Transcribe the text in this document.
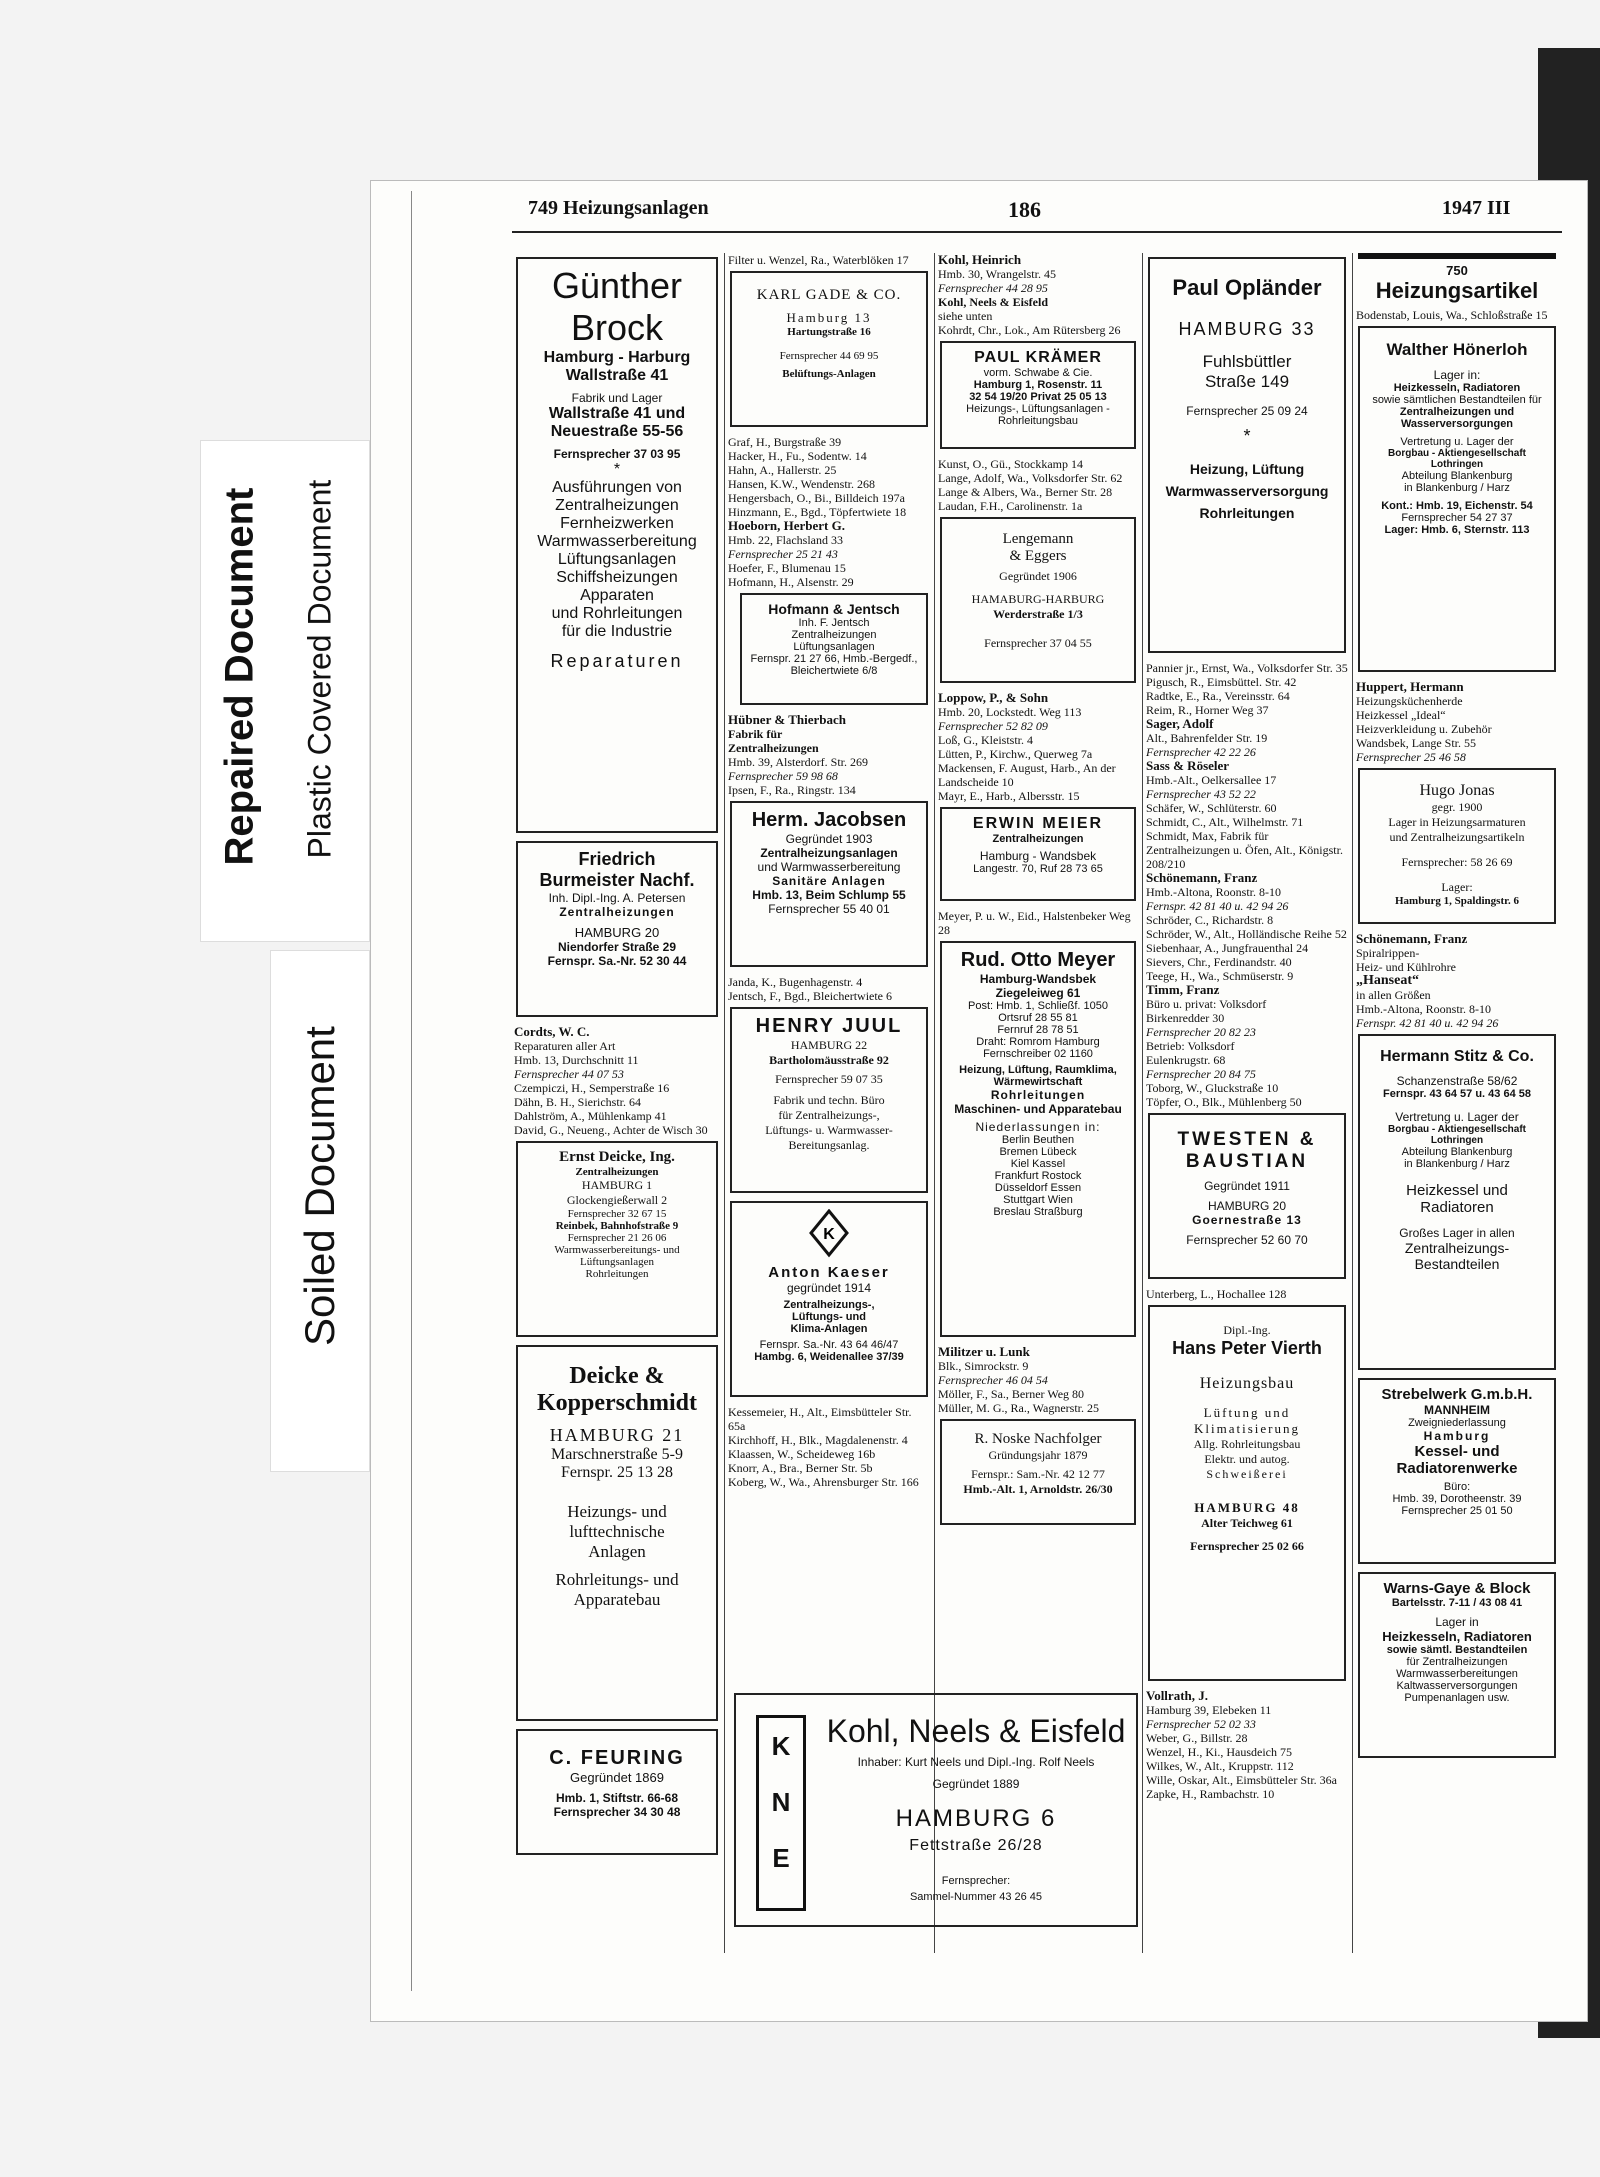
Repaired Document Plastic Covered Document
Soiled Document
749 Heizungsanlagen	186	1947 III
Günther
Brock
Hamburg - Harburg
Wallstraße 41
Fabrik und Lager
Wallstraße 41 und
Neuestraße 55-56
Fernsprecher 37 03 95
*
Ausführungen von
Zentralheizungen
Fernheizwerken
Warmwasserbereitung
Lüftungsanlagen
Schiffsheizungen
Apparaten
und Rohrleitungen
für die Industrie
Reparaturen
Friedrich
Burmeister Nachf.
Inh. Dipl.-Ing. A. Petersen
Zentralheizungen
HAMBURG 20
Niendorfer Straße 29
Fernspr. Sa.-Nr. 52 30 44
Cordts, W. C.
Reparaturen aller Art
Hmb. 13, Durchschnitt 11
Fernsprecher 44 07 53
Czempiczi, H., Semperstraße 16
Dähn, B. H., Sierichstr. 64
Dahlström, A., Mühlenkamp 41
David, G., Neueng., Achter de Wisch 30
Ernst Deicke, Ing.
Zentralheizungen
HAMBURG 1
Glockengießerwall 2
Fernsprecher 32 67 15
Reinbek, Bahnhofstraße 9
Fernsprecher 21 26 06
Warmwasserbereitungs- und Lüftungsanlagen
Rohrleitungen
Deicke &
Kopperschmidt
HAMBURG 21
Marschnerstraße 5-9
Fernspr. 25 13 28
Heizungs- und
lufttechnische
Anlagen
Rohrleitungs- und
Apparatebau
C. FEURING
Gegründet 1869
Hmb. 1, Stiftstr. 66-68
Fernsprecher 34 30 48
Filter u. Wenzel, Ra., Waterblöken 17
KARL GADE & CO.
Hamburg 13
Hartungstraße 16
Fernsprecher 44 69 95
Belüftungs-Anlagen
Graf, H., Burgstraße 39
Hacker, H., Fu., Sodentw. 14
Hahn, A., Hallerstr. 25
Hansen, K.W., Wendenstr. 268
Hengersbach, O., Bi., Billdeich 197a
Hinzmann, E., Bgd., Töpfertwiete 18
Hoeborn, Herbert G.
Hmb. 22, Flachsland 33
Fernsprecher 25 21 43
Hoefer, F., Blumenau 15
Hofmann, H., Alsenstr. 29
Hofmann & Jentsch
Inh. F. Jentsch
Zentralheizungen
Lüftungsanlagen
Fernspr. 21 27 66, Hmb.-Bergedf., Bleichertwiete 6/8
Hübner & Thierbach
Fabrik für
Zentralheizungen
Hmb. 39, Alsterdorf. Str. 269
Fernsprecher 59 98 68
Ipsen, F., Ra., Ringstr. 134
Herm. Jacobsen
Gegründet 1903
Zentralheizungsanlagen
und Warmwasserbereitung
Sanitäre Anlagen
Hmb. 13, Beim Schlump 55
Fernsprecher 55 40 01
Janda, K., Bugenhagenstr. 4
Jentsch, F., Bgd., Bleichertwiete 6
HENRY JUUL
HAMBURG 22
Bartholomäusstraße 92
Fernsprecher 59 07 35
Fabrik und techn. Büro
für Zentralheizungs-,
Lüftungs- u. Warmwasser-Bereitungsanlag.
K
Anton Kaeser
gegründet 1914
Zentralheizungs-,
Lüftungs- und
Klima-Anlagen
Fernspr. Sa.-Nr. 43 64 46/47
Hambg. 6, Weidenallee 37/39
Kessemeier, H., Alt., Eimsbütteler Str. 65a
Kirchhoff, H., Blk., Magdalenenstr. 4
Klaassen, W., Scheideweg 16b
Knorr, A., Bra., Berner Str. 5b
Koberg, W., Wa., Ahrensburger Str. 166
Kohl, Heinrich
Hmb. 30, Wrangelstr. 45
Fernsprecher 44 28 95
Kohl, Neels & Eisfeld
siehe unten
Kohrdt, Chr., Lok., Am Rütersberg 26
PAUL KRÄMER
vorm. Schwabe & Cie.
Hamburg 1, Rosenstr. 11
32 54 19/20 Privat 25 05 13
Heizungs-, Lüftungsanlagen - Rohrleitungsbau
Kunst, O., Gü., Stockkamp 14
Lange, Adolf, Wa., Volksdorfer Str. 62
Lange & Albers, Wa., Berner Str. 28
Laudan, F.H., Carolinenstr. 1a
Lengemann
& Eggers
Gegründet 1906
HAMABURG-HARBURG
Werderstraße 1/3
Fernsprecher 37 04 55
Loppow, P., & Sohn
Hmb. 20, Lockstedt. Weg 113
Fernsprecher 52 82 09
Loß, G., Kleiststr. 4
Lütten, P., Kirchw., Querweg 7a
Mackensen, F. August, Harb., An der Landscheide 10
Mayr, E., Harb., Albersstr. 15
ERWIN MEIER
Zentralheizungen
Hamburg - Wandsbek
Langestr. 70, Ruf 28 73 65
Meyer, P. u. W., Eid., Halstenbeker Weg 28
Rud. Otto Meyer
Hamburg-Wandsbek
Ziegeleiweg 61
Post: Hmb. 1, Schließf. 1050
Ortsruf 28 55 81
Fernruf 28 78 51
Draht: Romrom Hamburg
Fernschreiber 02 1160
Heizung, Lüftung, Raumklima, Wärmewirtschaft
Rohrleitungen
Maschinen- und Apparatebau
Niederlassungen in:
Berlin Beuthen
Bremen Lübeck
Kiel Kassel
Frankfurt Rostock
Düsseldorf Essen
Stuttgart Wien
Breslau Straßburg
Militzer u. Lunk
Blk., Simrockstr. 9
Fernsprecher 46 04 54
Möller, F., Sa., Berner Weg 80
Müller, M. G., Ra., Wagnerstr. 25
R. Noske Nachfolger
Gründungsjahr 1879
Fernspr.: Sam.-Nr. 42 12 77
Hmb.-Alt. 1, Arnoldstr. 26/30
K N E
Kohl, Neels & Eisfeld
Inhaber: Kurt Neels und Dipl.-Ing. Rolf Neels
Gegründet 1889
HAMBURG 6
Fettstraße 26/28
Fernsprecher:
Sammel-Nummer 43 26 45
Paul Opländer
HAMBURG 33
Fuhlsbüttler
Straße 149
Fernsprecher 25 09 24
*
Heizung, Lüftung
Warmwasserversorgung
Rohrleitungen
Pannier jr., Ernst, Wa., Volksdorfer Str. 35
Pigusch, R., Eimsbüttel. Str. 42
Radtke, E., Ra., Vereinsstr. 64
Reim, R., Horner Weg 37
Sager, Adolf
Alt., Bahrenfelder Str. 19
Fernsprecher 42 22 26
Sass & Röseler
Hmb.-Alt., Oelkersallee 17
Fernsprecher 43 52 22
Schäfer, W., Schlüterstr. 60
Schmidt, C., Alt., Wilhelmstr. 71
Schmidt, Max, Fabrik für Zentralheizungen u. Öfen, Alt., Königstr. 208/210
Schönemann, Franz
Hmb.-Altona, Roonstr. 8-10
Fernspr. 42 81 40 u. 42 94 26
Schröder, C., Richardstr. 8
Schröder, W., Alt., Holländische Reihe 52
Siebenhaar, A., Jungfrauenthal 24
Sievers, Chr., Ferdinandstr. 40
Teege, H., Wa., Schmüserstr. 9
Timm, Franz
Büro u. privat: Volksdorf
Birkenredder 30
Fernsprecher 20 82 23
Betrieb: Volksdorf
Eulenkrugstr. 68
Fernsprecher 20 84 75
Toborg, W., Gluckstraße 10
Töpfer, O., Blk., Mühlenberg 50
TWESTEN &
BAUSTIAN
Gegründet 1911
HAMBURG 20
Goernestraße 13
Fernsprecher 52 60 70
Unterberg, L., Hochallee 128
Dipl.-Ing.
Hans Peter Vierth
Heizungsbau
Lüftung und
Klimatisierung
Allg. Rohrleitungsbau
Elektr. und autog.
Schweißerei
HAMBURG 48
Alter Teichweg 61
Fernsprecher 25 02 66
Vollrath, J.
Hamburg 39, Elebeken 11
Fernsprecher 52 02 33
Weber, G., Billstr. 28
Wenzel, H., Ki., Hausdeich 75
Wilkes, W., Alt., Kruppstr. 112
Wille, Oskar, Alt., Eimsbütteler Str. 36a
Zapke, H., Rambachstr. 10
750
Heizungsartikel
Bodenstab, Louis, Wa., Schloßstraße 15
Walther Hönerloh
Lager in:
Heizkesseln, Radiatoren
sowie sämtlichen Bestandteilen für
Zentralheizungen und
Wasserversorgungen
Vertretung u. Lager der
Borgbau - Aktiengesellschaft
Lothringen
Abteilung Blankenburg
in Blankenburg / Harz
Kont.: Hmb. 19, Eichenstr. 54
Fernsprecher 54 27 37
Lager: Hmb. 6, Sternstr. 113
Huppert, Hermann
Heizungsküchenherde
Heizkessel „Ideal“
Heizverkleidung u. Zubehör
Wandsbek, Lange Str. 55
Fernsprecher 25 46 58
Hugo Jonas
gegr. 1900
Lager in Heizungsarmaturen
und Zentralheizungsartikeln
Fernsprecher: 58 26 69
Lager:
Hamburg 1, Spaldingstr. 6
Schönemann, Franz
Spiralrippen-
Heiz- und Kühlrohre
„Hanseat“
in allen Größen
Hmb.-Altona, Roonstr. 8-10
Fernspr. 42 81 40 u. 42 94 26
Hermann Stitz & Co.
Schanzenstraße 58/62
Fernspr. 43 64 57 u. 43 64 58
Vertretung u. Lager der
Borgbau - Aktiengesellschaft
Lothringen
Abteilung Blankenburg
in Blankenburg / Harz
Heizkessel und
Radiatoren
Großes Lager in allen
Zentralheizungs-
Bestandteilen
Strebelwerk G.m.b.H.
MANNHEIM
Zweigniederlassung
Hamburg
Kessel- und
Radiatorenwerke
Büro:
Hmb. 39, Dorotheenstr. 39
Fernsprecher 25 01 50
Warns-Gaye & Block
Bartelsstr. 7-11 / 43 08 41
Lager in
Heizkesseln, Radiatoren
sowie sämtl. Bestandteilen
für Zentralheizungen
Warmwasserbereitungen
Kaltwasserversorgungen
Pumpenanlagen usw.
